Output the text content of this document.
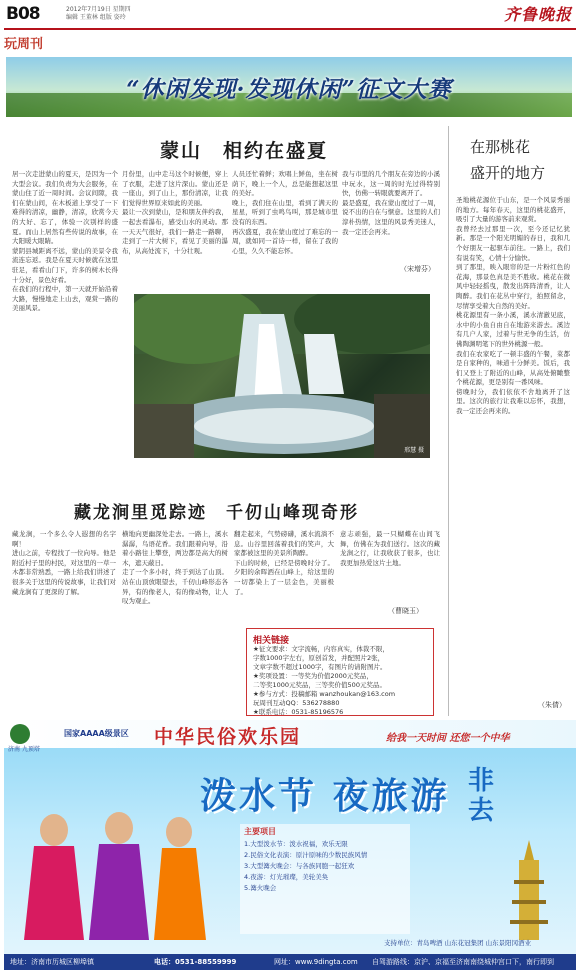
B08	2012年7月19日 星期四
编辑 王董林 组版 姿玲	齐鲁晚报
玩周刊
“休闲发现·发现休闲”征文大赛
蒙山　相约在盛夏
居一次走进蒙山的夏天，是因为一个大型会议。我们负责为大会服务，在蒙山住了近一周时间。会议间隙，我们在蒙山间，在木板道上享受了一下难得的清凉，幽静，清凉，欣赏今天的大好、忘了，体验一次别样的盛夏。而山上居然有些传说的故事，在大阳暖大眼睛。
蒙阴县城距离不远，蒙山的美景令我流连忘返。我是在夏天时候就在这里驻足，看看山门下，许多的树木长得十分好，景色好看。
在我们的行程中，第一天就开始沿着大路，慢慢地走上山去，观赏一路的美丽风景。
月份里，山中走马这个时候便，穿上了衣服，走进了这片深山。蒙山还是一座山，到了山上，那份清凉，让我们觉得世界原来如此的美丽。
最让一次到蒙山，是和朋友伴约我，一起去看瀑布，感受山水的灵动。那一天天气很好，我们一路走一路聊，走到了一片大树下，看见了美丽的瀑布，从高处流下，十分壮观。
人员还忙着鲜；欢唱上鲜鱼，坐在树荫下，晚上一个人，总是能想起这里的美好。
晚上，我们住在山里，看到了满天的星星，听到了虫鸣鸟叫，那是城市里没有的东西。
再次盛夏，我在蒙山度过了难忘的一周，就如同一首诗一样，留在了我的心里，久久不能忘怀。
我与市里的几个朋友在旁边的小溪中玩水，这一周的时光过得特别快，仿佛一转眼就要离开了。
最是盛夏，我在蒙山度过了一周，说不出的自在与惬意。这里的人们淳朴热情，这里的风景秀美迷人，我一定还会再来。
（宋增芬）
邢慧 摄
藏龙涧里觅踪迹　千仞山峰现奇形
藏龙涧，一个多么令人遐想的名字啊！
进山之前，专程找了一位向导。他是附近村子里的村民，对这里的一草一木都非常熟悉，一路上给我们讲述了很多关于这里的传说故事，让我们对藏龙涧有了更深的了解。
横地向更幽深处走去。一路上，溪水潺潺，鸟语花香。我们跟着向导，沿着小路往上攀登，两边都是高大的树木，遮天蔽日。
走了一个多小时，终于到达了山顶。站在山顶放眼望去，千仞山峰形态各异，有的像老人，有的像动物，让人叹为观止。
翻走起来，气势磅礴，溪水流淌不息。山谷里回荡着我们的笑声，大家都被这里的美景所陶醉。
下山的时候，已经是傍晚时分了。夕阳的余晖洒在山峰上，给这里的一切都染上了一层金色，美丽极了。
意志顽强，最一只蝴蝶在山间飞舞，仿佛在为我们送行。这次的藏龙涧之行，让我收获了很多，也让我更加热爱这片土地。
（曹晓玉）
相关链接
★征文要求：文字流畅，内容真实，体裁不限，
字数1000字左右，原创首发，并配照片2张，
文章字数不超过1000字，有图片的请附图片。
★奖项设置：一等奖为价值2000元奖品，
二等奖1000元奖品，三等奖价值500元奖品。
★参与方式：投稿邮箱 wanzhoukan@163.com
玩周刊互动QQ：536278880
★联系电话：0531-85196576
在那桃花
盛开的地方
圣地桃花源位于山东，是一个风景秀丽的地方。每年春天，这里的桃花盛开，吸引了大量的游客前来观赏。
我曾经去过那里一次，至今还记忆犹新。那是一个阳光明媚的春日，我和几个好朋友一起驱车前往。一路上，我们有说有笑，心情十分愉快。
到了那里，映入眼帘的是一片粉红色的花海，那景色真是美不胜收。桃花在微风中轻轻摇曳，散发出阵阵清香，让人陶醉。我们在花丛中穿行，拍照留念，尽情享受着大自然的美好。
桃花源里有一条小溪，溪水清澈见底，水中的小鱼自由自在地游来游去。溪边有几户人家，过着与世无争的生活，仿佛陶渊明笔下的世外桃源一般。
我们在农家吃了一顿丰盛的午餐，菜都是自家种的，味道十分鲜美。饭后，我们又登上了附近的山峰，从高处俯瞰整个桃花源，更是别有一番风味。
傍晚时分，我们依依不舍地离开了这里。这次的旅行让我难以忘怀，我想，我一定还会再来的。
（朱倩）
济南 九顶塔
国家AAAA级景区 中华民俗欢乐园	给我一天时间 还您一个中华
泼水节 夜旅游 非去
主要项目
1.大型泼水节：泼水祝福，欢乐无限
2.民俗文化表演：原汁原味的少数民族风情
3.大型篝火晚会：与各族同胞一起狂欢
4.夜游：灯光璀璨，美轮美奂
5.篝火晚会
支持单位：青岛啤酒 山东花冠集团 山东景阳冈酒业
地址：济南市历城区柳埠镇	电话：0531-88559999	网址：www.9dingta.com 自驾游路线：京沪、京福至济南南绕城仲宫口下，南行即到
